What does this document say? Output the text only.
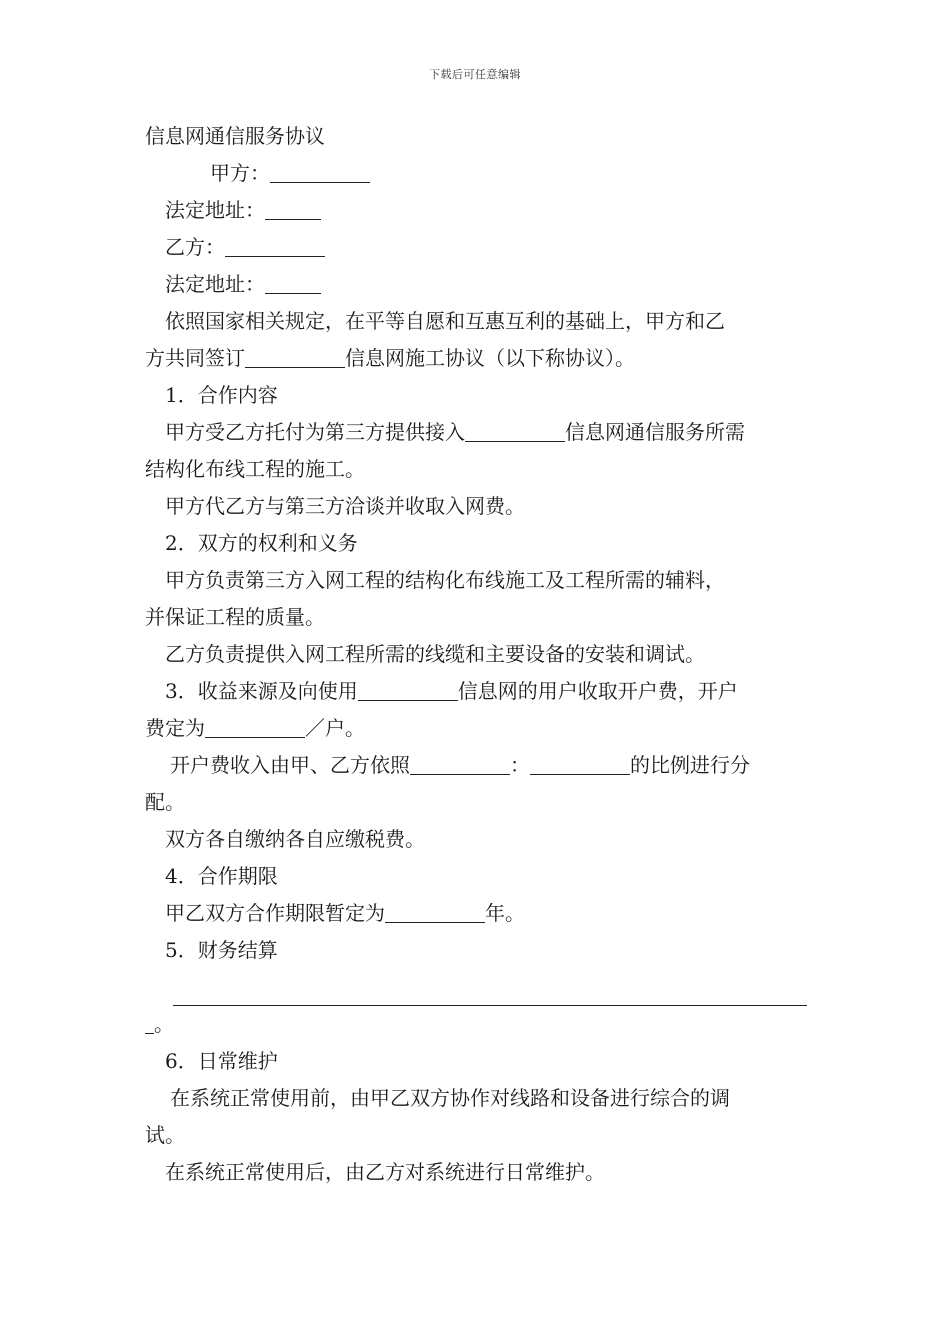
下载后可任意编辑
信息网通信服务协议
甲方：
法定地址：
乙方：
法定地址：
依照国家相关规定，在平等自愿和互惠互利的基础上，甲方和乙
方共同签订	信息网施工协议（以下称协议）。
1．合作内容
甲方受乙方托付为第三方提供接入	信息网通信服务所需
结构化布线工程的施工。
甲方代乙方与第三方洽谈并收取入网费。
2．双方的权利和义务
甲方负责第三方入网工程的结构化布线施工及工程所需的辅料，
并保证工程的质量。
乙方负责提供入网工程所需的线缆和主要设备的安装和调试。
3．收益来源及向使用	信息网的用户收取开户费，开户
费定为	／户。
开户费收入由甲、乙方依照	：	的比例进行分
配。
双方各自缴纳各自应缴税费。
4．合作期限
甲乙双方合作期限暂定为	年。
5．财务结算
。
6．日常维护
在系统正常使用前，由甲乙双方协作对线路和设备进行综合的调
试。
在系统正常使用后，由乙方对系统进行日常维护。
